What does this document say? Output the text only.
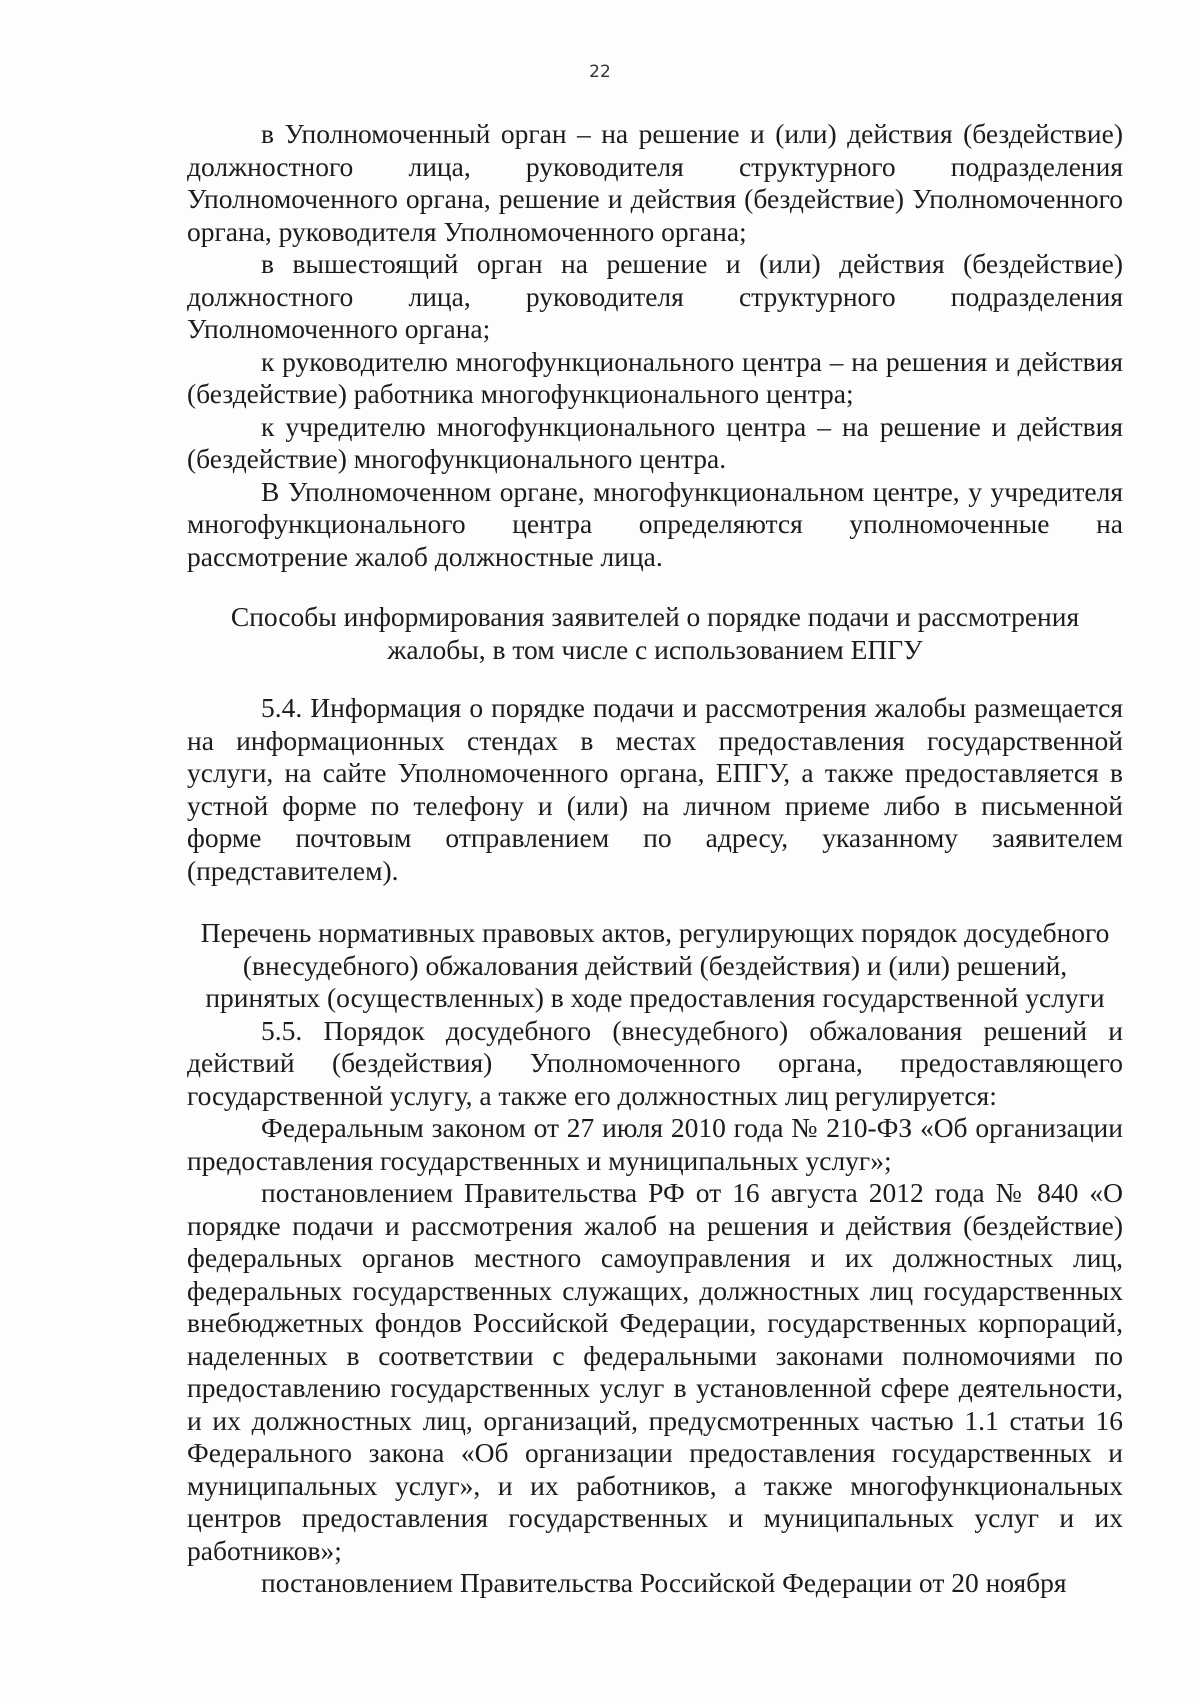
22

в Уполномоченный орган – на решение и (или) действия (бездействие) должностного лица, руководителя структурного подразделения Уполномоченного органа, решение и действия (бездействие) Уполномоченного органа, руководителя Уполномоченного органа;

в вышестоящий орган на решение и (или) действия (бездействие) должностного лица, руководителя структурного подразделения Уполномоченного органа;

к руководителю многофункционального центра – на решения и действия (бездействие) работника многофункционального центра;

к учредителю многофункционального центра – на решение и действия (бездействие) многофункционального центра.

В Уполномоченном органе, многофункциональном центре, у учредителя многофункционального центра определяются уполномоченные на рассмотрение жалоб должностные лица.

Способы информирования заявителей о порядке подачи и рассмотрения
жалобы, в том числе с использованием ЕПГУ

5.4. Информация о порядке подачи и рассмотрения жалобы размещается на информационных стендах в местах предоставления государственной услуги, на сайте Уполномоченного органа, ЕПГУ, а также предоставляется в устной форме по телефону и (или) на личном приеме либо в письменной форме почтовым отправлением по адресу, указанному заявителем (представителем).

Перечень нормативных правовых актов, регулирующих порядок досудебного
(внесудебного) обжалования действий (бездействия) и (или) решений,
принятых (осуществленных) в ходе предоставления государственной услуги

5.5. Порядок досудебного (внесудебного) обжалования решений и действий (бездействия) Уполномоченного органа, предоставляющего государственной услугу, а также его должностных лиц регулируется:

Федеральным законом от 27 июля 2010 года № 210-ФЗ «Об организации предоставления государственных и муниципальных услуг»;

постановлением Правительства РФ от 16 августа 2012 года № 840 «О порядке подачи и рассмотрения жалоб на решения и действия (бездействие) федеральных органов местного самоуправления и их должностных лиц, федеральных государственных служащих, должностных лиц государственных внебюджетных фондов Российской Федерации, государственных корпораций, наделенных в соответствии с федеральными законами полномочиями по предоставлению государственных услуг в установленной сфере деятельности, и их должностных лиц, организаций, предусмотренных частью 1.1 статьи 16 Федерального закона «Об организации предоставления государственных и муниципальных услуг», и их работников, а также многофункциональных центров предоставления государственных и муниципальных услуг и их работников»;

постановлением Правительства Российской Федерации от 20 ноября
